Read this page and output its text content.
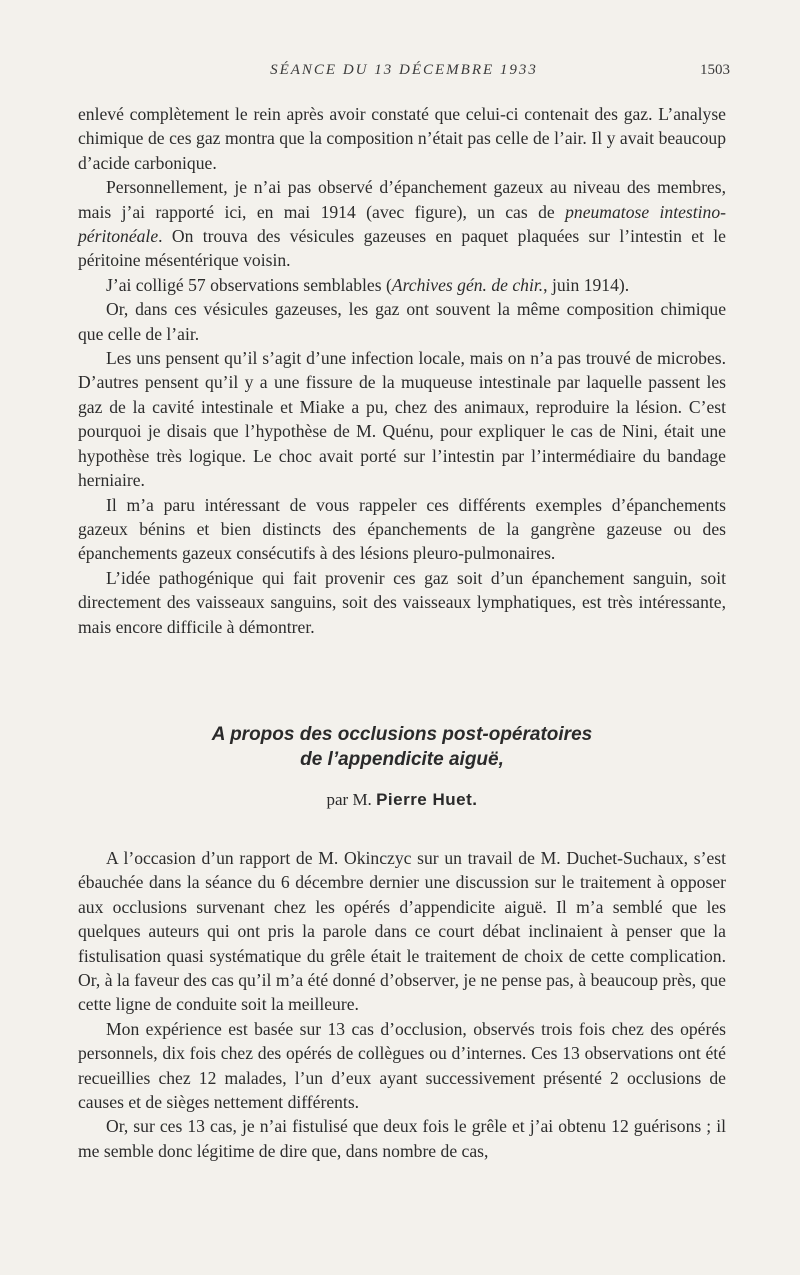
SÉANCE DU 13 DÉCEMBRE 1933	1503

enlevé complètement le rein après avoir constaté que celui-ci contenait des gaz. L’analyse chimique de ces gaz montra que la composition n’était pas celle de l’air. Il y avait beaucoup d’acide carbonique.

Personnellement, je n’ai pas observé d’épanchement gazeux au niveau des membres, mais j’ai rapporté ici, en mai 1914 (avec figure), un cas de pneumatose intestino-péritonéale. On trouva des vésicules gazeuses en paquet plaquées sur l’intestin et le péritoine mésentérique voisin.

J’ai colligé 57 observations semblables (Archives gén. de chir., juin 1914).

Or, dans ces vésicules gazeuses, les gaz ont souvent la même composition chimique que celle de l’air.

Les uns pensent qu’il s’agit d’une infection locale, mais on n’a pas trouvé de microbes. D’autres pensent qu’il y a une fissure de la muqueuse intestinale par laquelle passent les gaz de la cavité intestinale et Miake a pu, chez des animaux, reproduire la lésion. C’est pourquoi je disais que l’hypothèse de M. Quénu, pour expliquer le cas de Nini, était une hypothèse très logique. Le choc avait porté sur l’intestin par l’intermédiaire du bandage herniaire.

Il m’a paru intéressant de vous rappeler ces différents exemples d’épanchements gazeux bénins et bien distincts des épanchements de la gangrène gazeuse ou des épanchements gazeux consécutifs à des lésions pleuro-pulmonaires.

L’idée pathogénique qui fait provenir ces gaz soit d’un épanchement sanguin, soit directement des vaisseaux sanguins, soit des vaisseaux lymphatiques, est très intéressante, mais encore difficile à démontrer.

A propos des occlusions post-opératoires
de l’appendicite aiguë,
par M. Pierre Huet.

A l’occasion d’un rapport de M. Okinczyc sur un travail de M. Duchet-Suchaux, s’est ébauchée dans la séance du 6 décembre dernier une discussion sur le traitement à opposer aux occlusions survenant chez les opérés d’appendicite aiguë. Il m’a semblé que les quelques auteurs qui ont pris la parole dans ce court débat inclinaient à penser que la fistulisation quasi systématique du grêle était le traitement de choix de cette complication. Or, à la faveur des cas qu’il m’a été donné d’observer, je ne pense pas, à beaucoup près, que cette ligne de conduite soit la meilleure.

Mon expérience est basée sur 13 cas d’occlusion, observés trois fois chez des opérés personnels, dix fois chez des opérés de collègues ou d’internes. Ces 13 observations ont été recueillies chez 12 malades, l’un d’eux ayant successivement présenté 2 occlusions de causes et de sièges nettement différents.

Or, sur ces 13 cas, je n’ai fistulisé que deux fois le grêle et j’ai obtenu 12 guérisons ; il me semble donc légitime de dire que, dans nombre de cas,
